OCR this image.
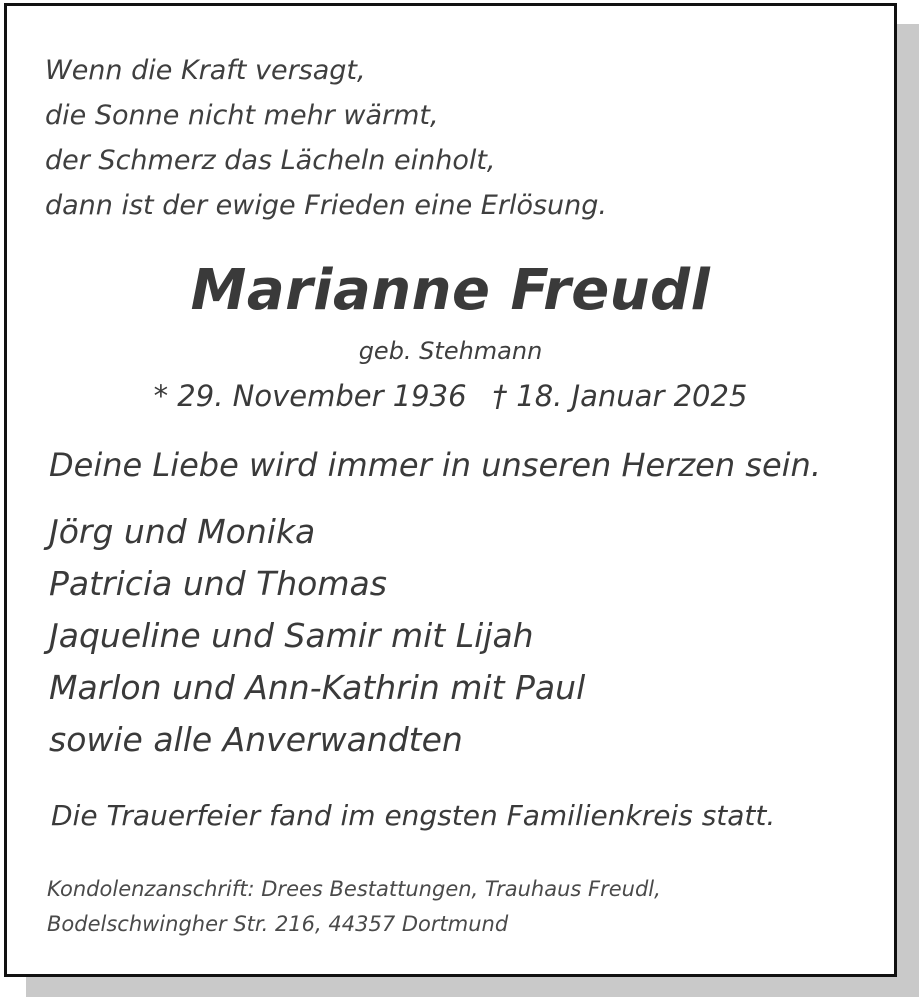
Wenn die Kraft versagt,
die Sonne nicht mehr wärmt,
der Schmerz das Lächeln einholt,
dann ist der ewige Frieden eine Erlösung.
Marianne Freudl
geb. Stehmann
* 29. November 1936 † 18. Januar 2025
Deine Liebe wird immer in unseren Herzen sein.
Jörg und Monika
Patricia und Thomas
Jaqueline und Samir mit Lijah
Marlon und Ann-Kathrin mit Paul
sowie alle Anverwandten
Die Trauerfeier fand im engsten Familienkreis statt.
Kondolenzanschrift: Drees Bestattungen, Trauhaus Freudl,
Bodelschwingher Str. 216, 44357 Dortmund
